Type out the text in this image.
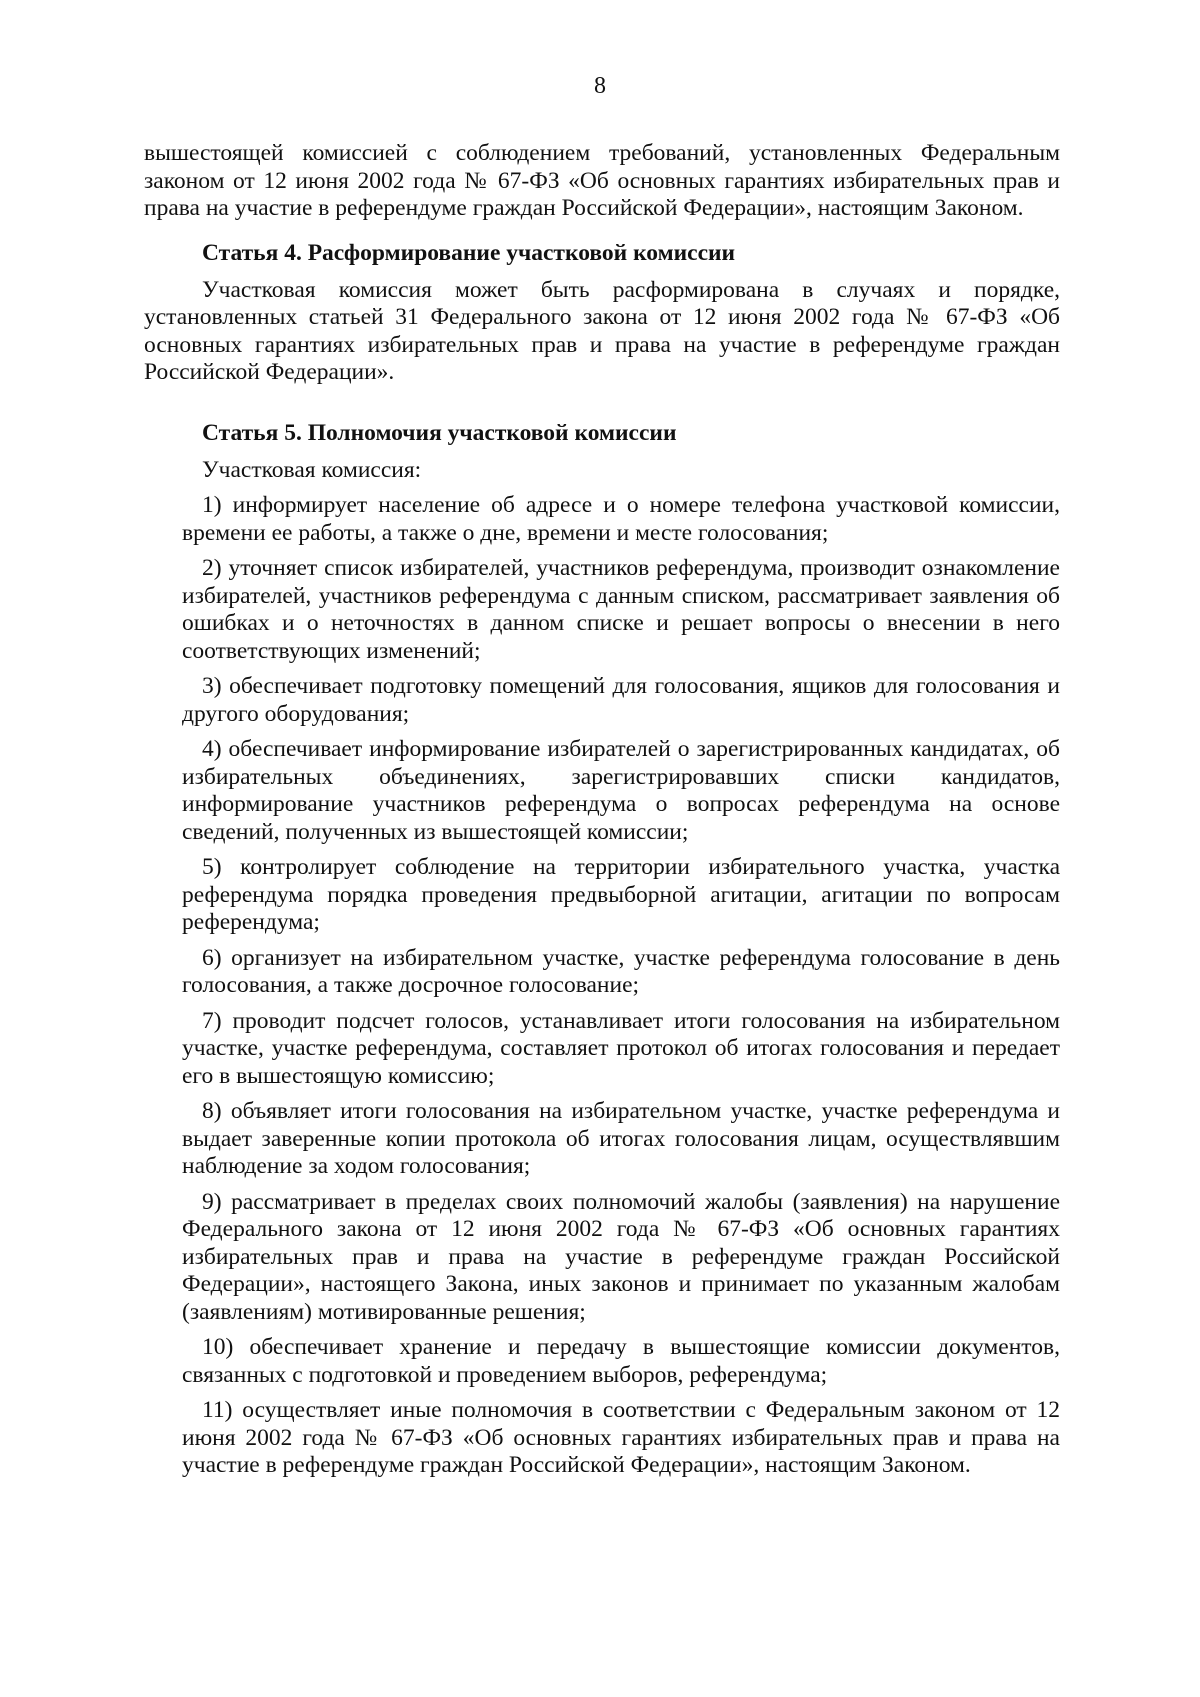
8

вышестоящей комиссией с соблюдением требований, установленных Федеральным законом от 12 июня 2002 года № 67-ФЗ «Об основных гарантиях избирательных прав и права на участие в референдуме граждан Российской Федерации», настоящим Законом.

Статья 4. Расформирование участковой комиссии

Участковая комиссия может быть расформирована в случаях и порядке, установленных статьей 31 Федерального закона от 12 июня 2002 года № 67-ФЗ «Об основных гарантиях избирательных прав и права на участие в референдуме граждан Российской Федерации».

Статья 5. Полномочия участковой комиссии

Участковая комиссия:

1) информирует население об адресе и о номере телефона участковой комиссии, времени ее работы, а также о дне, времени и месте голосования;
2) уточняет список избирателей, участников референдума, производит ознакомление избирателей, участников референдума с данным списком, рассматривает заявления об ошибках и о неточностях в данном списке и решает вопросы о внесении в него соответствующих изменений;
3) обеспечивает подготовку помещений для голосования, ящиков для голосования и другого оборудования;
4) обеспечивает информирование избирателей о зарегистрированных кандидатах, об избирательных объединениях, зарегистрировавших списки кандидатов, информирование участников референдума о вопросах референдума на основе сведений, полученных из вышестоящей комиссии;
5) контролирует соблюдение на территории избирательного участка, участка референдума порядка проведения предвыборной агитации, агитации по вопросам референдума;
6) организует на избирательном участке, участке референдума голосование в день голосования, а также досрочное голосование;
7) проводит подсчет голосов, устанавливает итоги голосования на избирательном участке, участке референдума, составляет протокол об итогах голосования и передает его в вышестоящую комиссию;
8) объявляет итоги голосования на избирательном участке, участке референдума и выдает заверенные копии протокола об итогах голосования лицам, осуществлявшим наблюдение за ходом голосования;
9) рассматривает в пределах своих полномочий жалобы (заявления) на нарушение Федерального закона от 12 июня 2002 года № 67-ФЗ «Об основных гарантиях избирательных прав и права на участие в референдуме граждан Российской Федерации», настоящего Закона, иных законов и принимает по указанным жалобам (заявлениям) мотивированные решения;
10) обеспечивает хранение и передачу в вышестоящие комиссии документов, связанных с подготовкой и проведением выборов, референдума;
11) осуществляет иные полномочия в соответствии с Федеральным законом от 12 июня 2002 года № 67-ФЗ «Об основных гарантиях избирательных прав и права на участие в референдуме граждан Российской Федерации», настоящим Законом.
